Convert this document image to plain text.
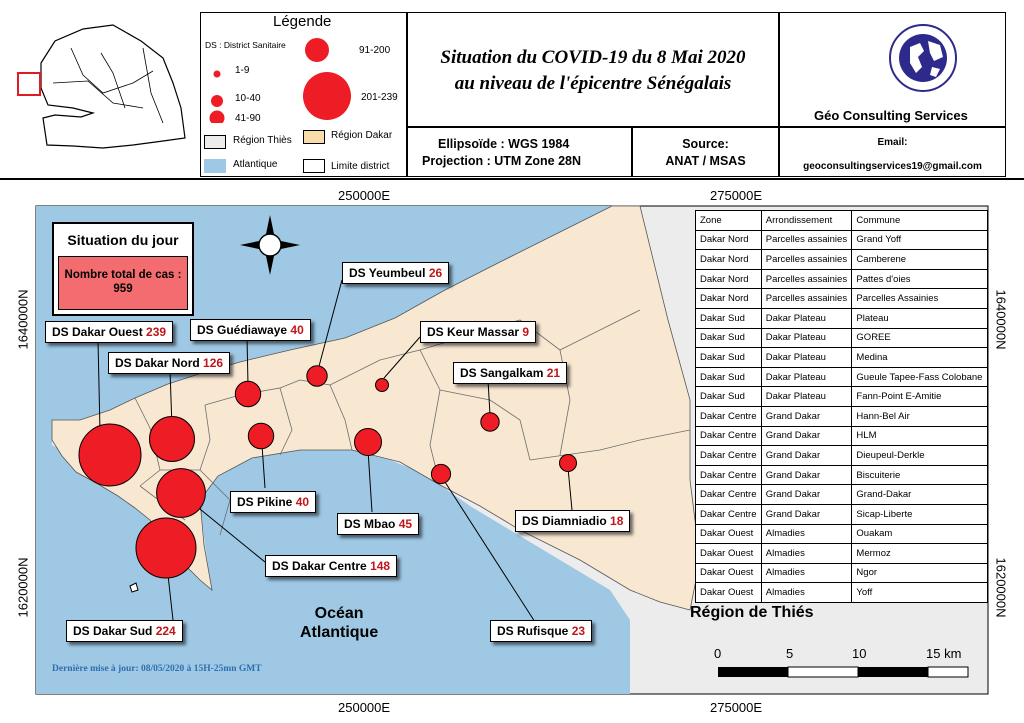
250000E	275000E
250000E	275000E
1640000N
1620000N
1640000N
1620000N
Situation du jour
Nombre total de cas :
959
DS Dakar Ouest 239
DS Dakar Nord 126
DS Guédiawaye 40
DS Yeumbeul 26
DS Keur Massar 9
DS Sangalkam 21
DS Pikine 40
DS Mbao 45	DS Diamniadio 18
DS Dakar Centre 148
DS Dakar Sud 224	DS Rufisque 23
Océan
Atlantique
Région de Thiés
Dernière mise à jour: 08/05/2020 à 15H-25mn GMT
0	5	10	15 km
Zone	Arrondissement	Commune
Dakar Nord	Parcelles assainies	Grand Yoff
Dakar Nord	Parcelles assainies	Camberene
Dakar Nord	Parcelles assainies	Pattes d'oies
Dakar Nord	Parcelles assainies	Parcelles Assainies
Dakar Sud	Dakar Plateau	Plateau
Dakar Sud	Dakar Plateau	GOREE
Dakar Sud	Dakar Plateau	Medina
Dakar Sud	Dakar Plateau	Gueule Tapee-Fass Colobane
Dakar Sud	Dakar Plateau	Fann-Point E-Amitie
Dakar Centre	Grand Dakar	Hann-Bel Air
Dakar Centre	Grand Dakar	HLM
Dakar Centre	Grand Dakar	Dieupeul-Derkle
Dakar Centre	Grand Dakar	Biscuiterie
Dakar Centre	Grand Dakar	Grand-Dakar
Dakar Centre	Grand Dakar	Sicap-Liberte
Dakar Ouest	Almadies	Ouakam
Dakar Ouest	Almadies	Mermoz
Dakar Ouest	Almadies	Ngor
Dakar Ouest	Almadies	Yoff
Légende
DS : District Sanitaire
1-9
10-40
41-90
91-200
201-239
Région Thiès	Région Dakar
Atlantique	Limite district
Situation du COVID-19 du 8 Mai 2020
au niveau de l'épicentre Sénégalais
Géo Consulting Services
Ellipsoïde : WGS 1984
Projection : UTM Zone 28N
Source:
ANAT / MSAS
Email:
geoconsultingservices19@gmail.com
